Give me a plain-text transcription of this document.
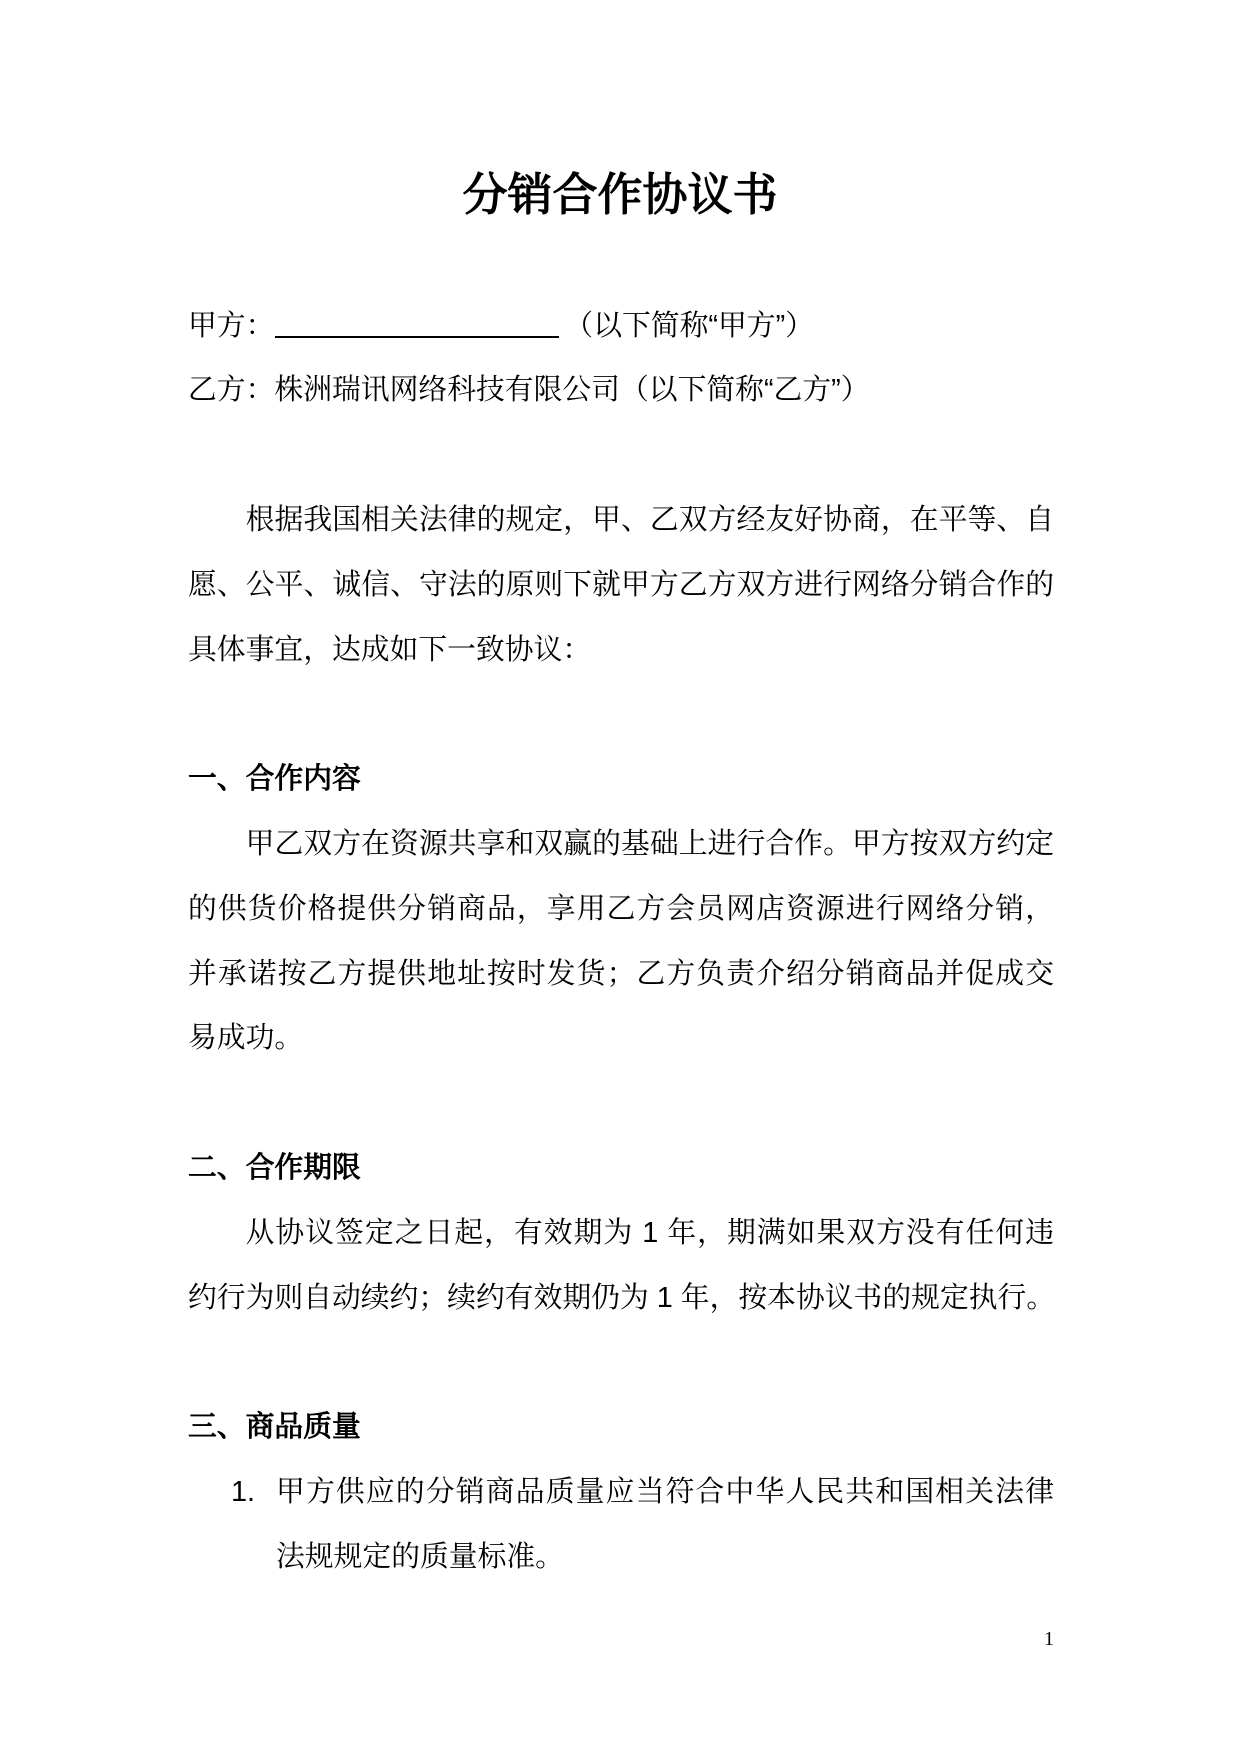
分销合作协议书
甲方：	（以下简称“甲方”）
乙方：株洲瑞讯网络科技有限公司（以下简称“乙方”）
根据我国相关法律的规定，甲、乙双方经友好协商，在平等、自
愿、公平、诚信、守法的原则下就甲方乙方双方进行网络分销合作的
具体事宜，达成如下一致协议：
一、合作内容
甲乙双方在资源共享和双赢的基础上进行合作。甲方按双方约定
的供货价格提供分销商品，享用乙方会员网店资源进行网络分销，
并承诺按乙方提供地址按时发货；乙方负责介绍分销商品并促成交
易成功。
二、合作期限
从协议签定之日起，有效期为 1 年，期满如果双方没有任何违
约行为则自动续约；续约有效期仍为 1 年，按本协议书的规定执行。
三、商品质量
1. 甲方供应的分销商品质量应当符合中华人民共和国相关法律
法规规定的质量标准。
1
